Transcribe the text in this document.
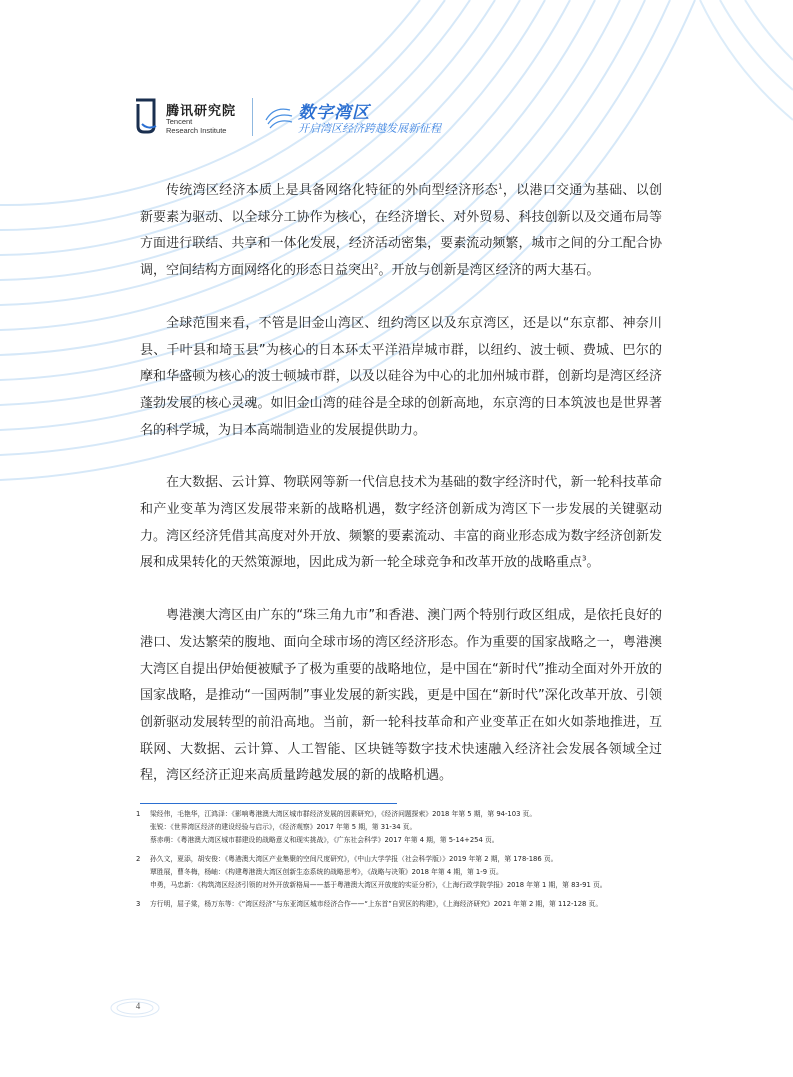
腾讯研究院
Tencent
Research Institute
数字湾区
开启湾区经济跨越发展新征程

传统湾区经济本质上是具备网络化特征的外向型经济形态$^1$，以港口交通为基础、以创新要素为驱动、以全球分工协作为核心，在经济增长、对外贸易、科技创新以及交通布局等方面进行联结、共享和一体化发展，经济活动密集，要素流动频繁，城市之间的分工配合协调，空间结构方面网络化的形态日益突出$^2$。开放与创新是湾区经济的两大基石。

全球范围来看，不管是旧金山湾区、纽约湾区以及东京湾区，还是以“东京都、神奈川县、千叶县和埼玉县”为核心的日本环太平洋沿岸城市群，以纽约、波士顿、费城、巴尔的摩和华盛顿为核心的波士顿城市群，以及以硅谷为中心的北加州城市群，创新均是湾区经济蓬勃发展的核心灵魂。如旧金山湾的硅谷是全球的创新高地，东京湾的日本筑波也是世界著名的科学城，为日本高端制造业的发展提供助力。

在大数据、云计算、物联网等新一代信息技术为基础的数字经济时代，新一轮科技革命和产业变革为湾区发展带来新的战略机遇，数字经济创新成为湾区下一步发展的关键驱动力。湾区经济凭借其高度对外开放、频繁的要素流动、丰富的商业形态成为数字经济创新发展和成果转化的天然策源地，因此成为新一轮全球竞争和改革开放的战略重点$^3$。

粤港澳大湾区由广东的“珠三角九市”和香港、澳门两个特别行政区组成，是依托良好的港口、发达繁荣的腹地、面向全球市场的湾区经济形态。作为重要的国家战略之一，粤港澳大湾区自提出伊始便被赋予了极为重要的战略地位，是中国在“新时代”推动全面对外开放的国家战略，是推动“一国两制”事业发展的新实践，更是中国在“新时代”深化改革开放、引领创新驱动发展转型的前沿高地。当前，新一轮科技革命和产业变革正在如火如荼地推进，互联网、大数据、云计算、人工智能、区块链等数字技术快速融入经济社会发展各领域全过程，湾区经济正迎来高质量跨越发展的新的战略机遇。

1 梁经伟，毛艳华，江鸿泽：《影响粤港澳大湾区城市群经济发展的因素研究》，《经济问题探索》2018 年第 5 期，第 94-103 页。
张锐：《世界湾区经济的建设经验与启示》，《经济观察》2017 年第 5 期，第 31-34 页。
蔡赤萌：《粤港澳大湾区城市群建设的战略意义和现实挑战》，《广东社会科学》2017 年第 4 期，第 5-14+254 页。
2 孙久文，夏添，胡安俊：《粤港澳大湾区产业集聚的空间尺度研究》，《中山大学学报（社会科学版）》2019 年第 2 期，第 178-186 页。
覃胜展，曹冬梅，杨岫：《构建粤港澳大湾区创新生态系统的战略思考》，《战略与决策》2018 年第 4 期，第 1-9 页。
申勇，马忠新：《构筑湾区经济引领的对外开放新格局——基于粤港澳大湾区开放度的实证分析》，《上海行政学院学报》2018 年第 1 期，第 83-91 页。
3 方行明，屈子棠，杨万东等：《“湾区经济”与东亚湾区城市经济合作——“上东首”自贸区的构建》，《上海经济研究》2021 年第 2 期，第 112-128 页。
4
